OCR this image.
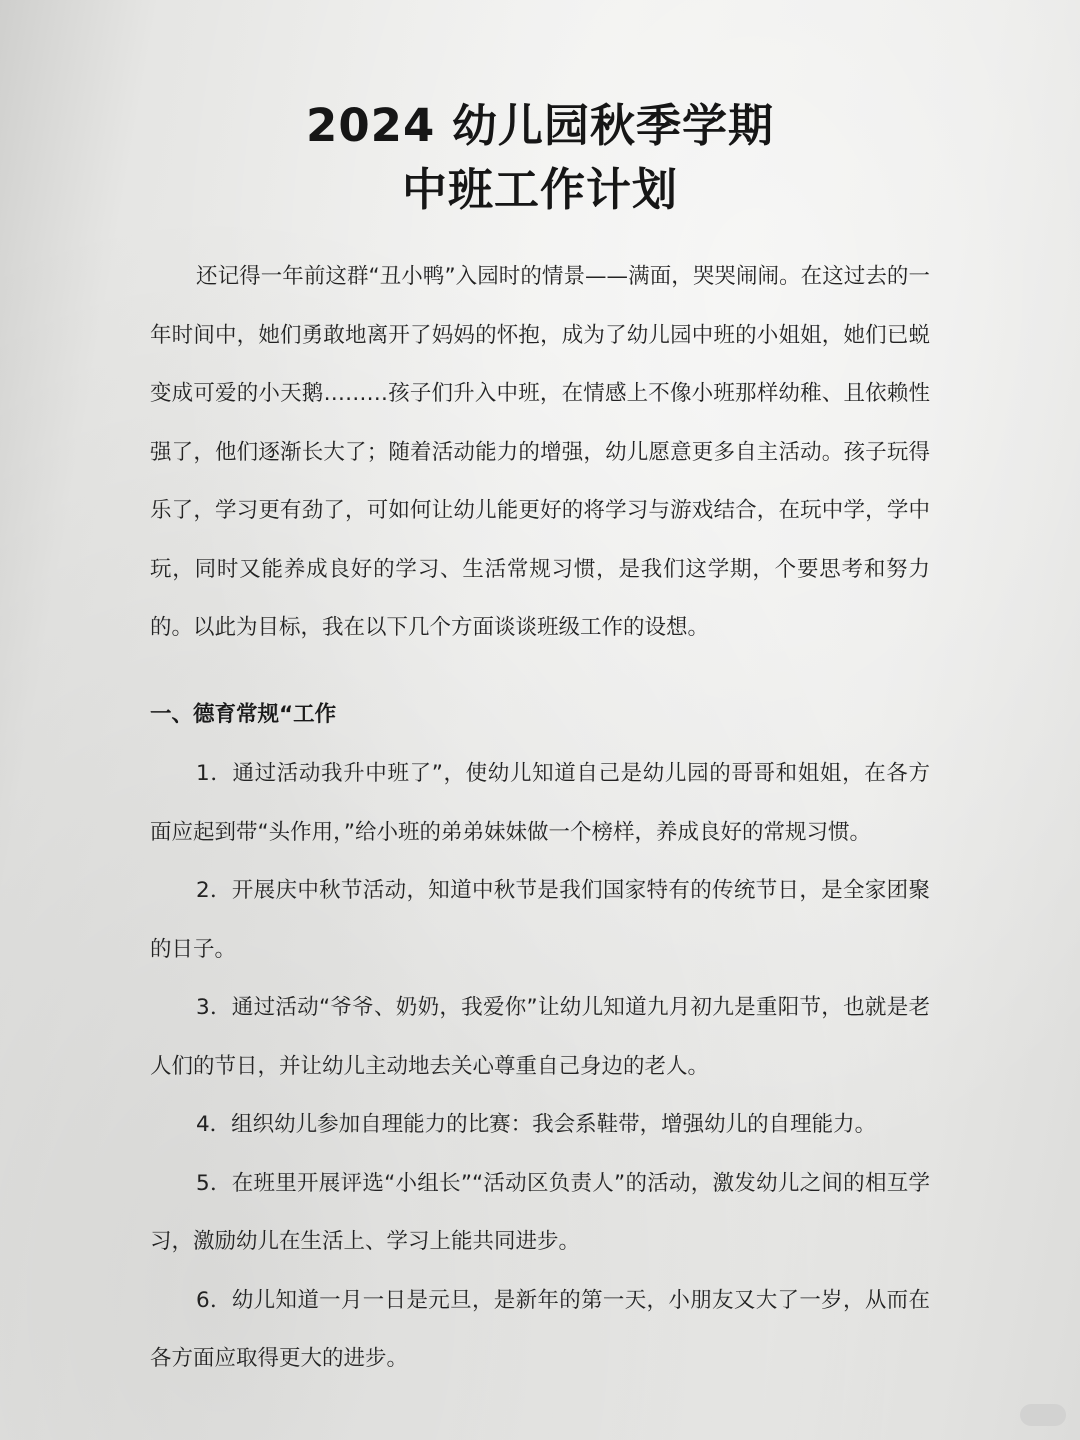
2024 幼儿园秋季学期
中班工作计划

还记得一年前这群“丑小鸭”入园时的情景——满面，哭哭闹闹。在这过去的一年时间中，她们勇敢地离开了妈妈的怀抱，成为了幼儿园中班的小姐姐，她们已蜕变成可爱的小天鹅………孩子们升入中班，在情感上不像小班那样幼稚、且依赖性强了，他们逐渐长大了；随着活动能力的增强，幼儿愿意更多自主活动。孩子玩得乐了，学习更有劲了，可如何让幼儿能更好的将学习与游戏结合，在玩中学，学中玩，同时又能养成良好的学习、生活常规习惯，是我们这学期，个要思考和努力的。以此为目标，我在以下几个方面谈谈班级工作的设想。

一、德育常规“工作

1．通过活动我升中班了”，使幼儿知道自己是幼儿园的哥哥和姐姐，在各方面应起到带“头作用，”给小班的弟弟妹妹做一个榜样，养成良好的常规习惯。

2．开展庆中秋节活动，知道中秋节是我们国家特有的传统节日，是全家团聚的日子。

3．通过活动“爷爷、奶奶，我爱你”让幼儿知道九月初九是重阳节，也就是老人们的节日，并让幼儿主动地去关心尊重自己身边的老人。

4．组织幼儿参加自理能力的比赛：我会系鞋带，增强幼儿的自理能力。

5．在班里开展评选“小组长”“活动区负责人”的活动，激发幼儿之间的相互学习，激励幼儿在生活上、学习上能共同进步。

6．幼儿知道一月一日是元旦，是新年的第一天，小朋友又大了一岁，从而在各方面应取得更大的进步。
